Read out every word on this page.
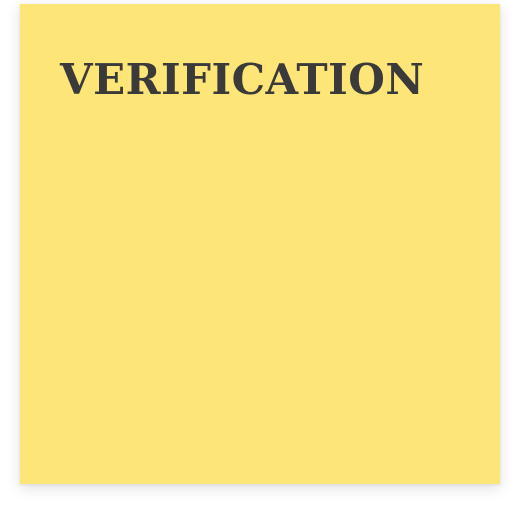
VERIFICATION
